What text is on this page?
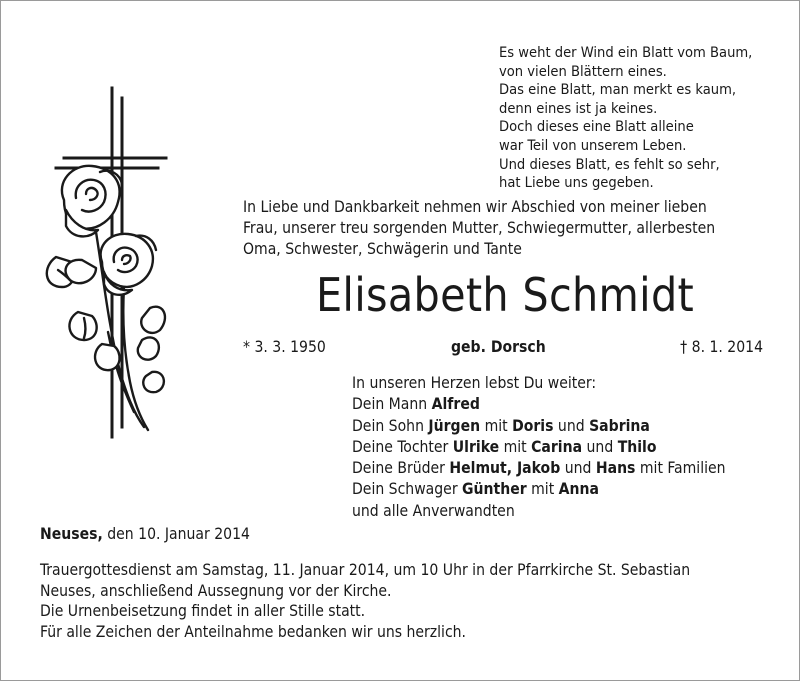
Es weht der Wind ein Blatt vom Baum,
von vielen Blättern eines.
Das eine Blatt, man merkt es kaum,
denn eines ist ja keines.
Doch dieses eine Blatt alleine
war Teil von unserem Leben.
Und dieses Blatt, es fehlt so sehr,
hat Liebe uns gegeben.
In Liebe und Dankbarkeit nehmen wir Abschied von meiner lieben
Frau, unserer treu sorgenden Mutter, Schwiegermutter, allerbesten
Oma, Schwester, Schwägerin und Tante
Elisabeth Schmidt
* 3. 3. 1950	geb. Dorsch	† 8. 1. 2014
In unseren Herzen lebst Du weiter:
Dein Mann Alfred
Dein Sohn Jürgen mit Doris und Sabrina
Deine Tochter Ulrike mit Carina und Thilo
Deine Brüder Helmut, Jakob und Hans mit Familien
Dein Schwager Günther mit Anna
und alle Anverwandten
Neuses, den 10. Januar 2014
Trauergottesdienst am Samstag, 11. Januar 2014, um 10 Uhr in der Pfarrkirche St. Sebastian
Neuses, anschließend Aussegnung vor der Kirche.
Die Urnenbeisetzung findet in aller Stille statt.
Für alle Zeichen der Anteilnahme bedanken wir uns herzlich.
